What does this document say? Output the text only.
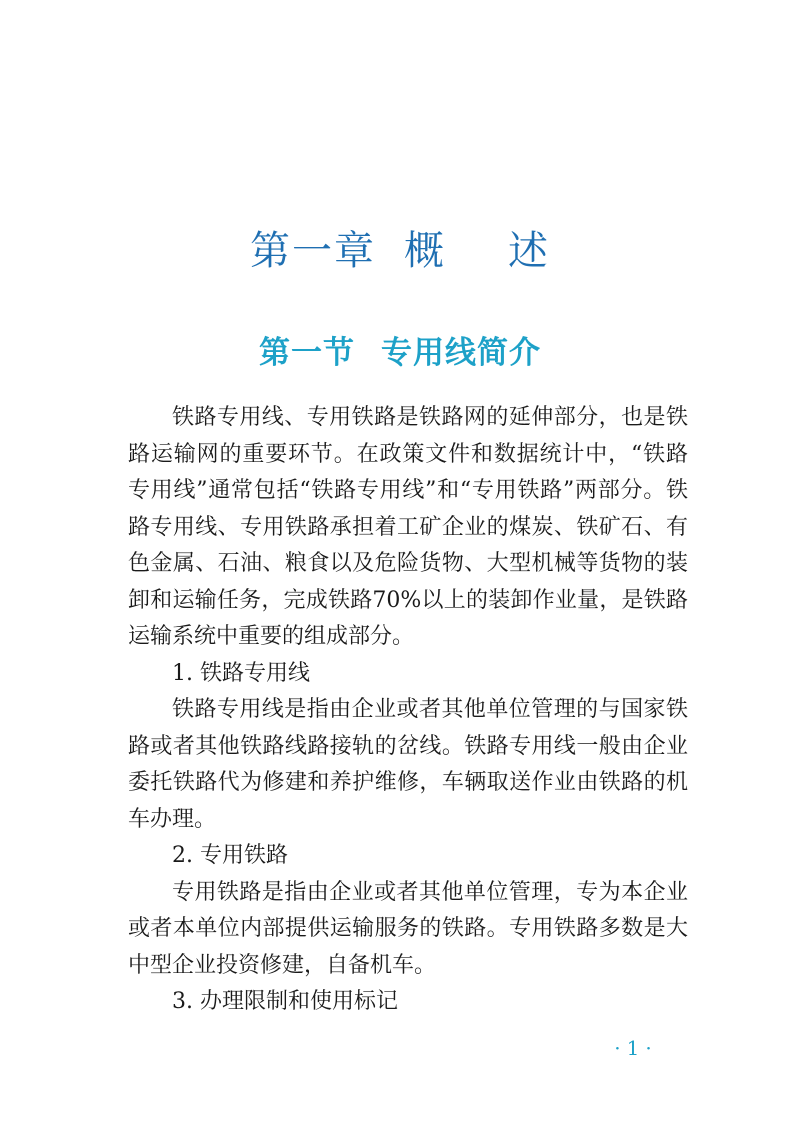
第一章 概 述
第一节 专用线简介

铁路专用线、专用铁路是铁路网的延伸部分，也是铁路运输网的重要环节。在政策文件和数据统计中，“铁路专用线”通常包括“铁路专用线”和“专用铁路”两部分。铁路专用线、专用铁路承担着工矿企业的煤炭、铁矿石、有色金属、石油、粮食以及危险货物、大型机械等货物的装卸和运输任务，完成铁路70%以上的装卸作业量，是铁路运输系统中重要的组成部分。

1. 铁路专用线

铁路专用线是指由企业或者其他单位管理的与国家铁路或者其他铁路线路接轨的岔线。铁路专用线一般由企业委托铁路代为修建和养护维修，车辆取送作业由铁路的机车办理。

2. 专用铁路

专用铁路是指由企业或者其他单位管理，专为本企业或者本单位内部提供运输服务的铁路。专用铁路多数是大中型企业投资修建，自备机车。

3. 办理限制和使用标记

·1·
